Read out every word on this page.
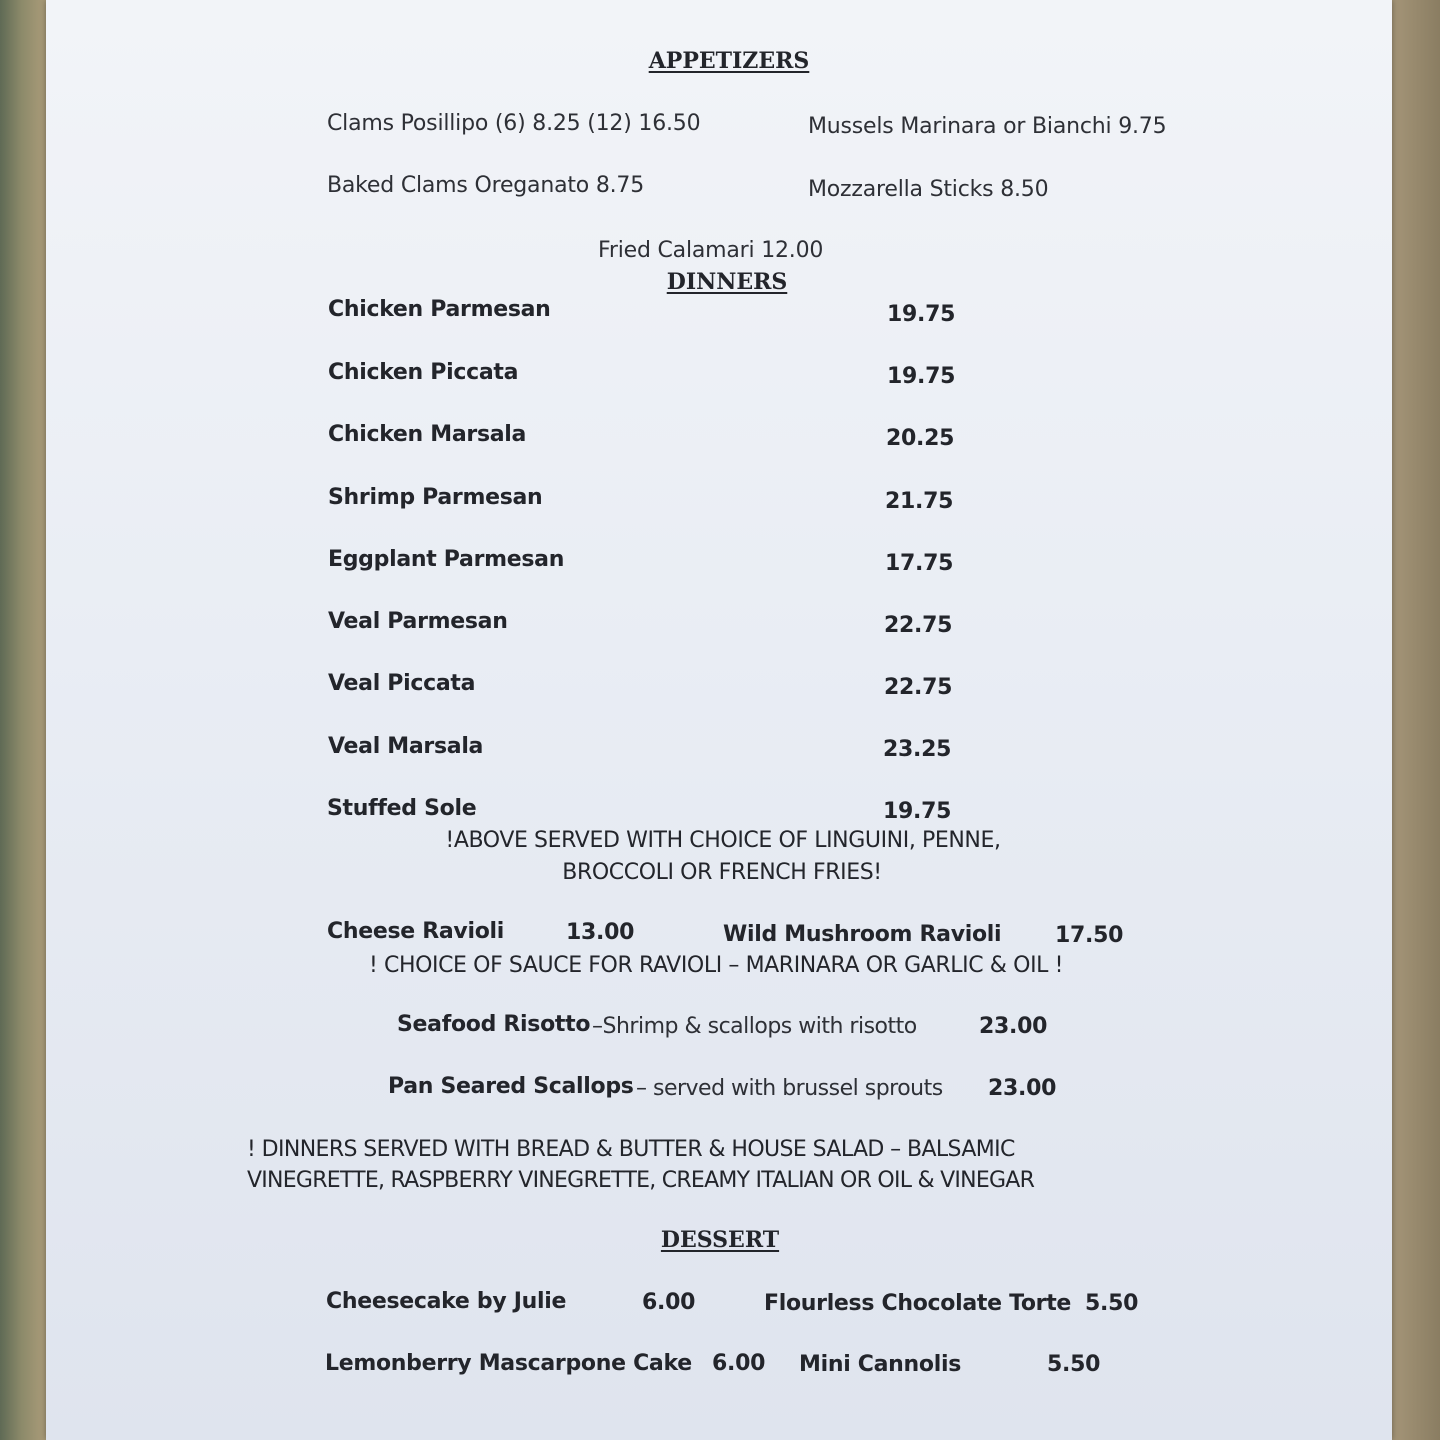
APPETIZERS
Clams Posillipo (6) 8.25 (12) 16.50	Mussels Marinara or Bianchi 9.75
Baked Clams Oreganato 8.75	Mozzarella Sticks 8.50
Fried Calamari 12.00
DINNERS
Chicken Parmesan	19.75
Chicken Piccata	19.75
Chicken Marsala	20.25
Shrimp Parmesan	21.75
Eggplant Parmesan	17.75
Veal Parmesan	22.75
Veal Piccata	22.75
Veal Marsala	23.25
Stuffed Sole	19.75
!ABOVE SERVED WITH CHOICE OF LINGUINI, PENNE,
BROCCOLI OR FRENCH FRIES!
Cheese Ravioli	13.00	Wild Mushroom Ravioli 17.50
! CHOICE OF SAUCE FOR RAVIOLI – MARINARA OR GARLIC & OIL !
Seafood Risotto –Shrimp & scallops with risotto	23.00
Pan Seared Scallops – served with brussel sprouts 23.00
! DINNERS SERVED WITH BREAD & BUTTER & HOUSE SALAD – BALSAMIC
VINEGRETTE, RASPBERRY VINEGRETTE, CREAMY ITALIAN OR OIL & VINEGAR
DESSERT
Cheesecake by Julie	6.00	Flourless Chocolate Torte 5.50
Lemonberry Mascarpone Cake 6.00 Mini Cannolis	5.50
